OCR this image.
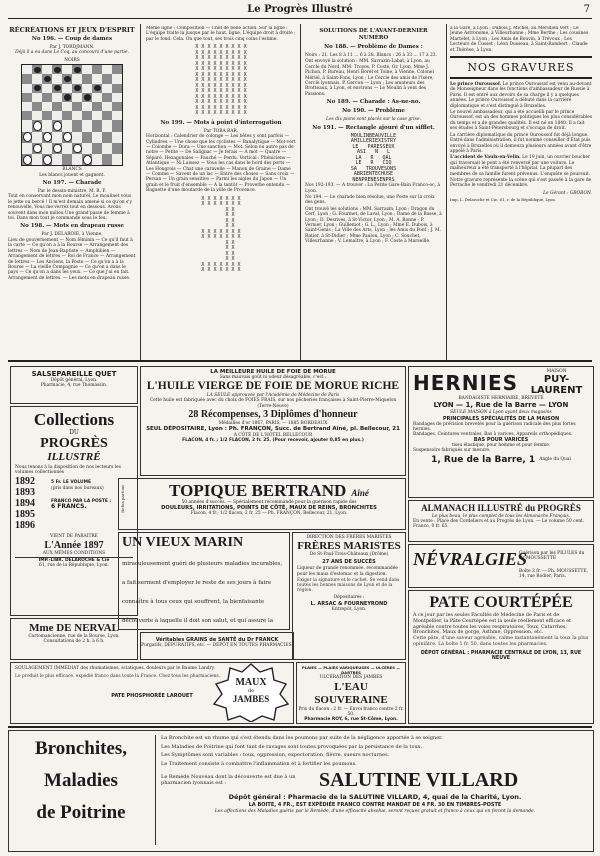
Le Progrès Illustré	7
RÉCRÉATIONS ET JEUX D'ESPRIT
No 196. — Coup de dames
Par J. TORDJMANN.
Déjà il a eu dans Le Coq, au concours d'une partie.
NOIRS
BLANCS
Les blancs jouent et gagnent.
No 197. — Charade
Par le dessin-ministre, M. R. F.

Tout en conservant mon nom naturel, Le moulinet vous le jette ou bercé ! Il m'est demain amené si ce qu'on s'y renouvelle, Vous me verrez tout en dessous. Avons souvent dans mon milieu Une grand'passe de femme à toi. Dans mon tout je commande sous le feu.

No 198. — Mots en drapeau russe
Par J. DELAROIE, à Vienne.

Lieu de gouvernement — Nom féminin — Ce qu'il faut à la carte — Ce qu'on a à la Bourse — Arrangement des lettres — Nom de Jean-Baptiste — Amphibien — Arrangement de lettres — Roi de France — Arrangement de lettres — Les Anciens, la Poste — Ce qu'on a à la Bourse — La vieille Compagnie — Ce qu'on a dans le pays — Ce qu'on a dans les yeux. — Ce que j'ai en fait. Arrangement de lettres. — Les mots en drapeau russe.

Même ligne : Composition — Chef de belle action. Sur la ligne : L'équipe traite la jusque par le haut, ligne, L'équipe droit à droite ; par le fond. Cela. On que tout, ses trois cinq coins l'estime.

X X X X X X X X X
X X X X X X X X X
X X X X X X X X X
X X X X X X X X X
X X X X X X X X X
X X X X X X X X X
X X X X X X X X X
X X X X X X X X X
X X X X X X X X X
X X X X X X X X X
X X X X X X X X X
X X X X X X X X X
X X X X X X X X X
No 199. — Mots à point d'interrogation
Par TOBA BAR.

Horizontal : Calendrier de colonge — Les bêtes y sont parfois — Cylindres — Une chose que les cyclistes — Banalytique — Mot-vert — Colombe — Dura — Une sanction — Mot. Selon ou autre pas de notre — Petite — De Salignac — Je ferais — A mot — Quatre — Séparé, Hexagonales — Fauché — Perdu. Vertical : Phéniciens — Atlantique — Ni Laissez — Vous les cas dans le bord des ports — Les Hongrois — Chat une caravelle — Manon de Graine — Dame — Comme — Savent de un lac — Entre des choses — Sans croix — Persan — Un grain sensitive — Parmi les aigles du Japon — Un grain et le fruit d'ensemble — A la tantôt — Proverbe entendu — Baguette d'une moutarde de la ville de Provence.

X X X X X X X
X X X X X X X
X X
X X
X X
X X
X X X X X X X
X X X X X X X
X X
X X
X X
X X
X X X X X X X
X X X X X X X
SOLUTIONS DE L'AVANT-DERNIER NUMÉRO
No 188. — Problème de Dames :

Noirs : 21. Les 8 à 11 ... 6 à 28. Blancs : 26 à 33 ... 17 à 23.

Ont envoyé la solution : MM. Sarrazin-Labat, à Lyon, au Cercle du Nord, MM. Troyes, P. Coste, Gr. Lyon, Mme J. Pichon, P. Bureau, Henri Borel et Toine, à Vienne, Colonel Mériel, à Saint-Fons, Lyon ; Le Cercle des amis de l'Isère, Cercle lyonnais, P. Gercon — Lyon ; Les amateurs des Brotteaux, à Lyon, et environs — Le Moulin à vent des Passions.

No 189. — Charade : As-ne-no.
No 190. — Problème
Les dix pions sont placés sur la case grise.
No 191. — Rectangle ajouré d'un sifflet.
MOULINBEAUVILLE
AHILLERIEXISTRY
LE   PARESSEUX
ASI   N   L
LA   R   QAL
LE   R   CIQ
SA   TROUVESONS
ABRIENTECHUSE
NENPRENESENPRS

Nos 192-193. — A trouver : La Petite Gare-Bain Franco-oc, à Lyon.

No 194. — Le charade bien résolue, une Poste sur la croix des gens.

Ont trouvé les solutions : MM. Sarrazin, Lyon ; Dragon du Cerf, Lyon ; G. Fourmet, de Laval, Lyon ; Dame de la Basse, à Lyon ; D. Desrives, à St-Victor, Lyon ; M. A. Bonne ; P. Vernier, Lyon ; Guillemot ; G. L., Lyon ; Mme E. Dubois, à Saint-Genis ; La Ville des Arts, Lyon ; les Amis du Pont ; J. M. Ratier, à St-Didier ; Mme Paulon, Lyon ; C. Souchet, Villeurbanne ; V. Lemaître, à Lyon ; F. Coste à Marseille.

à la Gare, à Lyon ; Dubois J. Michel, au Méridien Vert ; Le Jeune Astronome, à Villeurbanne ; Mme Berthe ; Les cousines Martelet, à Lyon ; Les Amis de Bouvin, à Trévoux ; Les Lecteurs de Cusset ; Léon Dusseau, à Saint-Rambert ; Claude et Thérèse, à Lyon.

NOS GRAVURES

Le prince Ouroussof. Le prince Ouroussof est venu au-devant de Monseigneur dans les fonctions d'ambassadeur de Russie à Paris. Il est entré aux devoirs de sa charge il y a quelques années. Le prince Ouroussof a débuté dans la carrière diplomatique et s'est distingué à Bruxelles.

Le nouvel ambassadeur, qui a été accueilli par le prince Ouroussof, est un des hommes politiques les plus considérables du temps et a de grandes qualités. Il est né en 1840. Il a fait ses études à Saint-Pétersbourg et s'occupa de droit.

La carrière diplomatique du prince Ouroussof fut déjà longue. Entré dans l'administration, il fut nommé conseiller d'État puis envoyé à Bruxelles où il demeura plusieurs années avant d'être appelé à Paris.

L'accident de Vaulx-en-Velin. Le 19 juin, un ouvrier boucher qui traversait le pont a été renversé par une voiture. Le malheureux a été transporté à l'hôpital. La plupart des membres de sa famille furent prévenus. L'enquête se poursuit.

Notre gravure représente la scène qui s'est passée à la gare de Perrache le vendredi 21 décembre.

Le Gérant : GROBON.
Imp. L. Delaroche et Cie, 61, r. de la République, Lyon.
SALSEPAREILLE QUET
Dépôt général, Lyon.
Pharmacie, 4, rue Thomassin.
Collections
DU
PROGRÈS
ILLUSTRÉ
Nous tenons à la disposition de nos lecteurs les volumes collectionnés
1892
1893
1894
1895
1896
5 Fr. LE VOLUME
(pris dans nos bureaux)
FRANCO PAR LA POSTE :
6 FRANCS.
VIENT DE PARAITRE
L'Année 1897
AUX MÊMES CONDITIONS
IMP.-LIBR. DELAROCHE & Cie
61, rue de la République, Lyon.
Mme DE NERVAL
Cartomancienne, rue de la Bourse, Lyon.
Consultations de 2 h. à 6 h.
SOULAGEMENT IMMÉDIAT des rhumatismes, sciatiques, douleurs par le Baume Landry.
Le produit le plus efficace, expédié franco dans toute la France. Chez tous les pharmaciens.
PATE PHOSPHORÉE LAROUET
LA MEILLEURE HUILE DE FOIE DE MORUE
Sans mauvais goût ni odeur désagréable, c'est :
L'HUILE VIERGE DE FOIE DE MORUE RICHE
LA SEULE approuvée par l'Académie de Médecine de Paris
Cette huile est fabriquée avec du choix de FOIES FRAIS, sur nos pêcheries françaises à Saint-Pierre-Miquelon (Terre-Neuve)
28 Récompenses, 3 Diplômes d'honneur
Médailles d'or 1867, PARIS, — 1885 BORDEAUX
SEUL DÉPOSITAIRE, Lyon : Ph. FRANÇON, Succ. de Bertrand Aîné, pl. Bellecour, 21
À CÔTÉ DE L'HÔTEL BELLECOUR
FLACON, 4 fr. ; 1/2 FLACON, 2 fr. 25. (Pour recevoir, ajouter 0,85 en plus.)
Refus partout	TOPIQUE BERTRAND Aîné
50 années d'succès. — Spécialement recommandé pour la guérison rapide des
DOULEURS, IRRITATIONS, POINTS DE CÔTÉ, MAUX DE REINS, BRONCHITES
Flacon, 4 fr.; 1/2 flacon, 2 fr. 25 — Ph. FRANÇON, Bellecour, 21, Lyon.
UN VIEUX MARIN
miraculeusement guéri de plusieurs maladies incurables, a fait serment d'employer le reste de ses jours à faire connaître à tous ceux qui souffrent, la bienfaisante découverte à laquelle il doit son salut, et qui assure la
Véritables GRAINS de SANTÉ du Dr FRANCK
Purgatifs, DÉPURATIFS, etc. — DÉPÔT EN TOUTES PHARMACIES.
DIRECTION DES FRÉRES MARISTES
FRÈRES MARISTES
De St-Paul-Trois-Châteaux (Drôme)
27 ANS DE SUCCÈS
Liqueur de grande renommée, recommandée pour les maux d'estomac et la digestion.
Exiger la signature et le cachet. Se vend dans toutes les bonnes maisons de Lyon et de la région.
Dépositaires :
L. ARSAC & FOURNEYROND
Entrepôt, Lyon.
MAUX
de
JAMBES
PLAIES — PLAIES VARIQUEUSES — ULCÈRES — DARTRES
ULCÉRATION DES JAMBES
L'EAU SOUVERAINE
Prix du flacon : 2 fr. — Envoi franco contre 2 fr. 50.
Pharmacie ROY, 6, rue St-Côme, Lyon.
HERNIES	MAISON
PUY-LAURENT
BANDAGISTE HERNIAIRE, BREVETÉ
LYON — 1, Rue de la Barre — LYON
SEULE MAISON à Lyon ayant deux magasins
PRINCIPALES SPÉCIALITÉS DE LA MAISON
Bandages de précision brevetés pour la guérison radicale des plus fortes hernies.
Bandages, Ceintures ventrales, Bas à varices, Appareils orthopédiques.
BAS POUR VARICES
tissu élastique, pour homme et pour femme.
Suspensoirs fabriqués sur mesure.
1, Rue de la Barre, 1 Angle du Quai
ALMANACH ILLUSTRÉ du PROGRÈS
Le plus beau, le plus complet de tous les Almanachs Français.
En vente : Place des Cordeliers et au Progrès de Lyon. — Le volume 50 cent. Franco, 0 fr. 65.
NÉVRALGIES
Guérison par les PILULES du Dr MOUSSETTE
Boîte 3 fr. — Ph. MOUSSETTE, 14, rue Rodier, Paris.
PATE COURTÉPÉE
À ce jour par les seules Facultés de Médecine de Paris et de Montpellier, la Pâte Courtépée est la seule réellement efficace et agréable contre toutes les voies respiratoires, Toux, Catarrhes, Bronchites, Maux de gorge, Asthme, Oppression, etc.
Cette pâte, d'une saveur agréable, calme instantanément la toux la plus opiniâtre. La boîte 1 fr. 50, dans toutes les pharmacies.
DÉPOT GÉNÉRAL : PHARMACIE CENTRALE DE LYON, 13, RUE NEUVE
Bronchites,
Maladies
de Poitrine

La Bronchite est un rhume qui s'est étendu dans les poumons par suite de la négligence apportée à se soigner.

Les Maladies de Poitrine qui font tant de ravages sont toutes provoquées par la persistance de la toux.

Les Symptômes sont variables : toux, oppression, expectoration, fièvre, sueurs nocturnes.

Le Traitement consiste à combattre l'inflammation et à fortifier les poumons.

Le Remède Nouveau dont la découverte est due à un pharmacien lyonnais est :	SALUTINE VILLARD
Dépôt général : Pharmacie de la SALUTINE VILLARD, 4, quai de la Charité, Lyon.
LA BOITE, 4 FR., EST EXPÉDIÉE FRANCO CONTRE MANDAT DE 4 FR. 30 EN TIMBRES-POSTE
Les affections des Maladies guérie par le Remède, d'une efficacité absolue, seront reçues gratuit et franco à ceux qui en feront la demande.
